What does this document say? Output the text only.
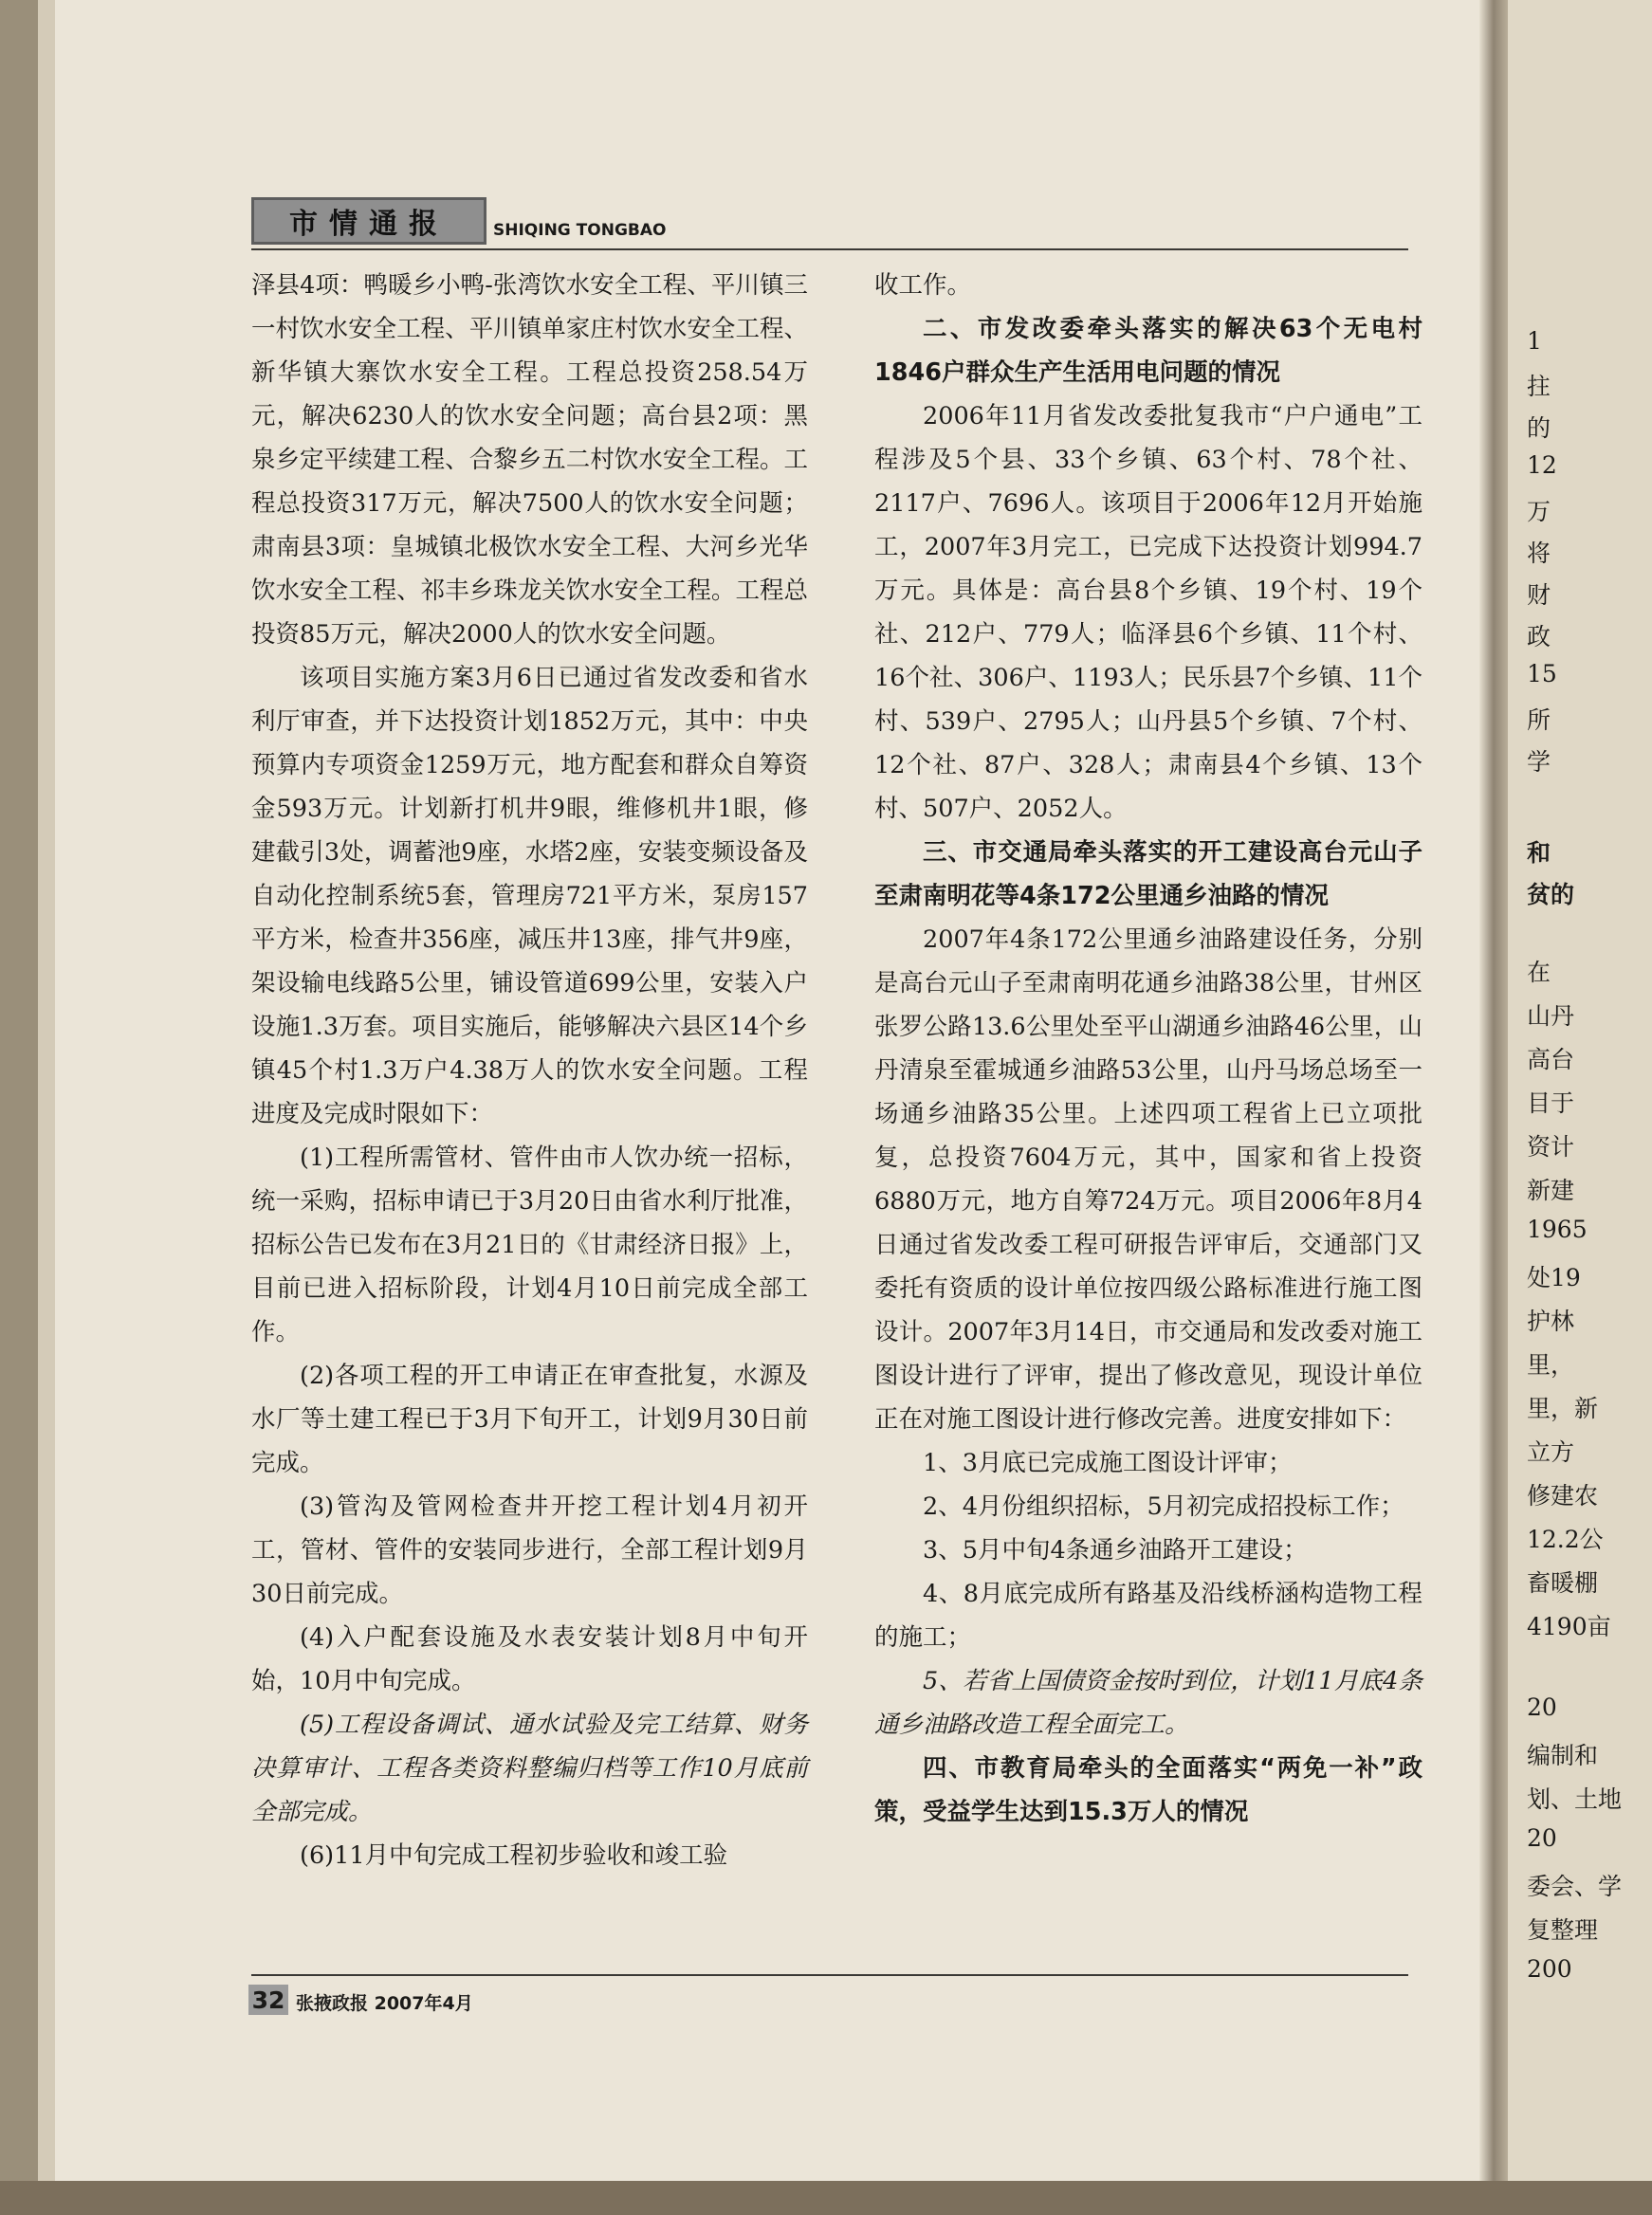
市情通报	SHIQING TONGBAO

泽县4项：鸭暖乡小鸭-张湾饮水安全工程、平川镇三一村饮水安全工程、平川镇单家庄村饮水安全工程、新华镇大寨饮水安全工程。工程总投资258.54万元，解决6230人的饮水安全问题；高台县2项：黑泉乡定平续建工程、合黎乡五二村饮水安全工程。工程总投资317万元，解决7500人的饮水安全问题；肃南县3项：皇城镇北极饮水安全工程、大河乡光华饮水安全工程、祁丰乡珠龙关饮水安全工程。工程总投资85万元，解决2000人的饮水安全问题。

该项目实施方案3月6日已通过省发改委和省水利厅审查，并下达投资计划1852万元，其中：中央预算内专项资金1259万元，地方配套和群众自筹资金593万元。计划新打机井9眼，维修机井1眼，修建截引3处，调蓄池9座，水塔2座，安装变频设备及自动化控制系统5套，管理房721平方米，泵房157平方米，检查井356座，减压井13座，排气井9座，架设输电线路5公里，铺设管道699公里，安装入户设施1.3万套。项目实施后，能够解决六县区14个乡镇45个村1.3万户4.38万人的饮水安全问题。工程进度及完成时限如下：

(1)工程所需管材、管件由市人饮办统一招标，统一采购，招标申请已于3月20日由省水利厅批准，招标公告已发布在3月21日的《甘肃经济日报》上，目前已进入招标阶段，计划4月10日前完成全部工作。

(2)各项工程的开工申请正在审查批复，水源及水厂等土建工程已于3月下旬开工，计划9月30日前完成。

(3)管沟及管网检查井开挖工程计划4月初开工，管材、管件的安装同步进行，全部工程计划9月30日前完成。

(4)入户配套设施及水表安装计划8月中旬开始，10月中旬完成。

(5)工程设备调试、通水试验及完工结算、财务决算审计、工程各类资料整编归档等工作10月底前全部完成。

(6)11月中旬完成工程初步验收和竣工验

收工作。

二、市发改委牵头落实的解决63个无电村1846户群众生产生活用电问题的情况

2006年11月省发改委批复我市“户户通电”工程涉及5个县、33个乡镇、63个村、78个社、2117户、7696人。该项目于2006年12月开始施工，2007年3月完工，已完成下达投资计划994.7万元。具体是：高台县8个乡镇、19个村、19个社、212户、779人；临泽县6个乡镇、11个村、16个社、306户、1193人；民乐县7个乡镇、11个村、539户、2795人；山丹县5个乡镇、7个村、12个社、87户、328人；肃南县4个乡镇、13个村、507户、2052人。

三、市交通局牵头落实的开工建设高台元山子至肃南明花等4条172公里通乡油路的情况

2007年4条172公里通乡油路建设任务，分别是高台元山子至肃南明花通乡油路38公里，甘州区张罗公路13.6公里处至平山湖通乡油路46公里，山丹清泉至霍城通乡油路53公里，山丹马场总场至一场通乡油路35公里。上述四项工程省上已立项批复，总投资7604万元，其中，国家和省上投资6880万元，地方自筹724万元。项目2006年8月4日通过省发改委工程可研报告评审后，交通部门又委托有资质的设计单位按四级公路标准进行施工图设计。2007年3月14日，市交通局和发改委对施工图设计进行了评审，提出了修改意见，现设计单位正在对施工图设计进行修改完善。进度安排如下：

1、3月底已完成施工图设计评审；

2、4月份组织招标，5月初完成招投标工作；

3、5月中旬4条通乡油路开工建设；

4、8月底完成所有路基及沿线桥涵构造物工程的施工；

5、若省上国债资金按时到位，计划11月底4条通乡油路改造工程全面完工。

四、市教育局牵头的全面落实“两免一补”政策，受益学生达到15.3万人的情况

32 张掖政报 2007年4月
1
拄
的
12
万
将
财
政
15
所
学
和
贫的
在
山丹
高台
目于
资计
新建
1965
处19
护林
里，
里，新
立方
修建农
12.2公
畜暖棚
4190亩
20
编制和
划、土地
20
委会、学
复整理
200
